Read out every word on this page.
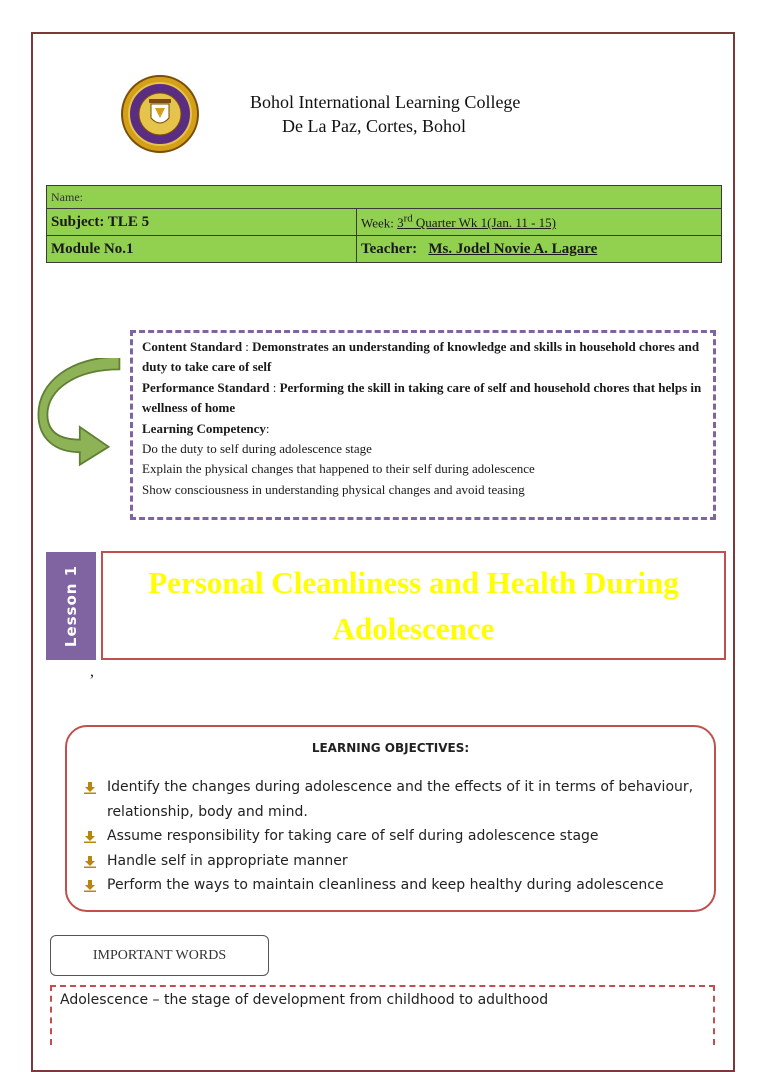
Bohol International Learning College
De La Paz, Cortes, Bohol
Name:	
Subject: TLE 5	Week: 3rd Quarter Wk 1(Jan. 11 - 15)
Module No.1	Teacher: Ms. Jodel Novie A. Lagare
Content Standard : Demonstrates an understanding of knowledge and skills in household chores and duty to take care of self
Performance Standard : Performing the skill in taking care of self and household chores that helps in wellness of home
Learning Competency:
Do the duty to self during adolescence stage
Explain the physical changes that happened to their self during adolescence
Show consciousness in understanding physical changes and avoid teasing
Lesson 1 Personal Cleanliness and Health During
Adolescence
,
LEARNING OBJECTIVES:
Identify the changes during adolescence and the effects of it in terms of behaviour, relationship, body and mind.
Assume responsibility for taking care of self during adolescence stage
Handle self in appropriate manner
Perform the ways to maintain cleanliness and keep healthy during adolescence
IMPORTANT WORDS
Adolescence – the stage of development from childhood to adulthood
